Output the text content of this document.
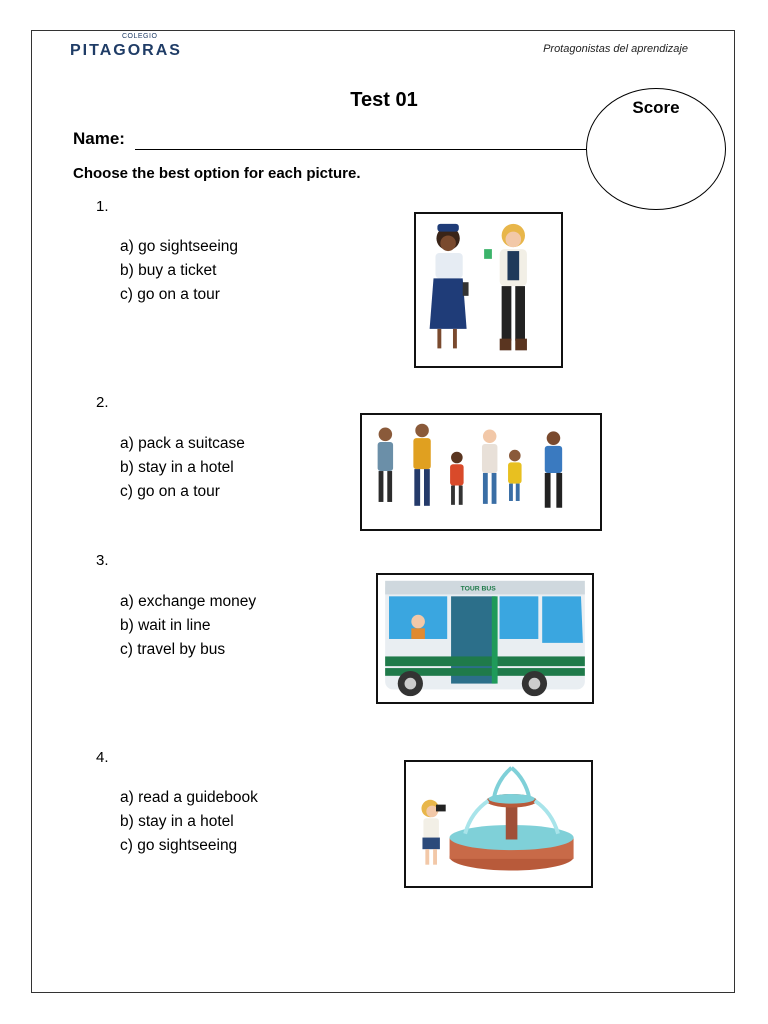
COLEGIO
PITAGORAS	Protagonistas del aprendizaje
Test 01	Score
Name:
Choose the best option for each picture.
1.
a) go sightseeing
b) buy a ticket
c) go on a tour
2.
a) pack a suitcase
b) stay in a hotel
c) go on a tour
3.
a) exchange money
b) wait in line
c) travel by bus
TOUR BUS
4.
a) read a guidebook
b) stay in a hotel
c) go sightseeing
